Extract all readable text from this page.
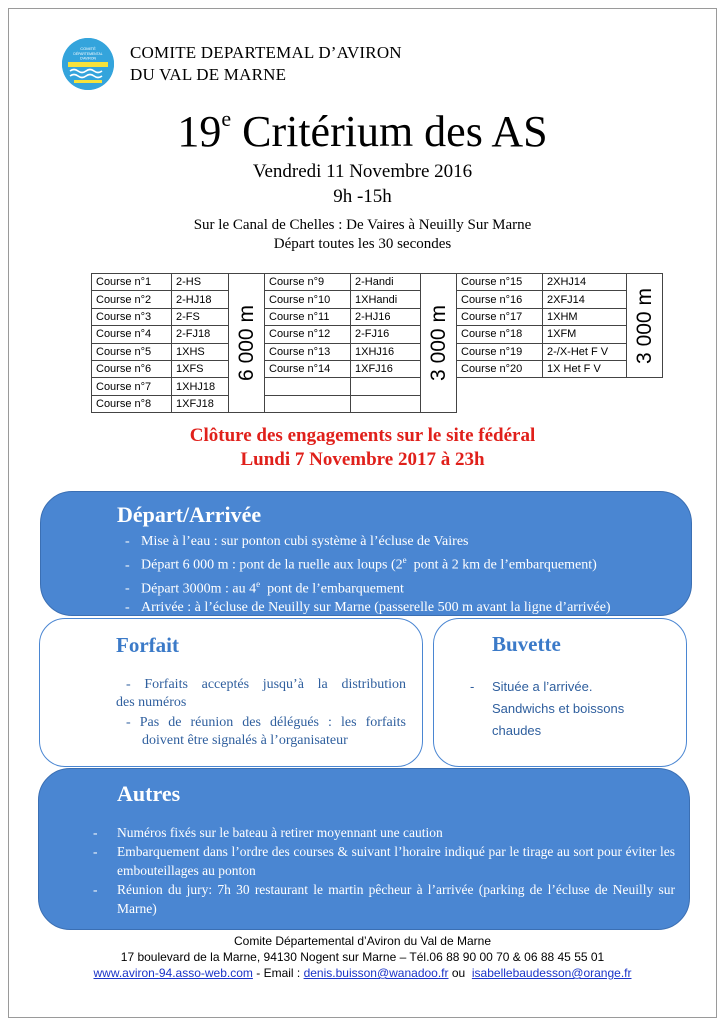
COMITÉ
DÉPARTEMENTAL
D'AVIRON COMITE DEPARTEMAL D’AVIRON
DU VAL DE MARNE
19e Critérium des AS
Vendredi 11 Novembre 2016
9h -15h
Sur le Canal de Chelles : De Vaires à Neuilly Sur Marne
Départ toutes les 30 secondes
Course n°1	2-HS	6 000 m	Course n°9	2-Handi	3 000 m	Course n°15	2XHJ14	3 000 m

Course n°2	2-HJ18		Course n°10	1XHandi		Course n°16	2XFJ14	
Course n°3	2-FS		Course n°11	2-HJ16		Course n°17	1XHM	
Course n°4	2-FJ18		Course n°12	2-FJ16		Course n°18	1XFM	
Course n°5	1XHS		Course n°13	1XHJ16		Course n°19	2-/X-Het F V	
Course n°6	1XFS		Course n°14	1XFJ16		Course n°20	1X Het F V	
Course n°7	1XHJ18							
Course n°8	1XFJ18							
Clôture des engagements sur le site fédéral
Lundi 7 Novembre 2017 à 23h
Départ/Arrivée
- Mise à l’eau : sur ponton cubi système à l’écluse de Vaires
- Départ 6 000 m : pont de la ruelle aux loups (2e  pont à 2 km de l’embarquement)
- Départ 3000m : au 4e  pont de l’embarquement
- Arrivée : à l’écluse de Neuilly sur Marne (passerelle 500 m avant la ligne d’arrivée)
Forfait
- Forfaits acceptés jusqu’à la distribution
des numéros
- Pas de réunion des délégués : les forfaits
doivent être signalés à l’organisateur
Buvette
- Située a l’arrivée.
Sandwichs et boissons
chaudes
Autres
- Numéros fixés sur le bateau à retirer moyennant une caution
- Embarquement dans l’ordre des courses & suivant l’horaire indiqué par le tirage au sort pour éviter les embouteillages au ponton
- Réunion du jury: 7h 30 restaurant le martin pêcheur à l’arrivée (parking de l’écluse de Neuilly sur Marne)
Comite Départemental d’Aviron du Val de Marne
17 boulevard de la Marne, 94130 Nogent sur Marne – Tél.06 88 90 00 70 & 06 88 45 55 01
www.aviron-94.asso-web.com - Email : denis.buisson@wanadoo.fr ou  isabellebaudesson@orange.fr
